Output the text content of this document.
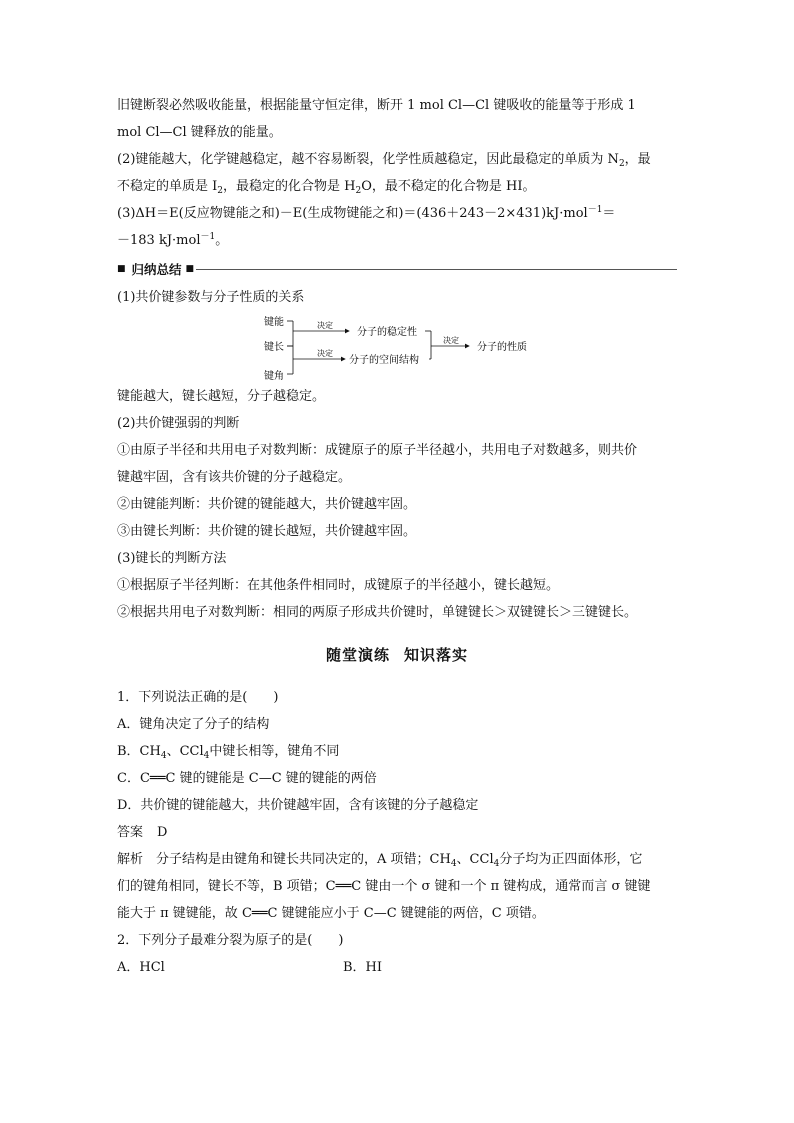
旧键断裂必然吸收能量，根据能量守恒定律，断开 1 mol Cl—Cl 键吸收的能量等于形成 1

mol Cl—Cl 键释放的能量。

(2)键能越大，化学键越稳定，越不容易断裂，化学性质越稳定，因此最稳定的单质为 $N_2$，最

不稳定的单质是 $I_2$，最稳定的化合物是 $H_2O$，最不稳定的化合物是 HI。

(3)ΔH＝E(反应物键能之和)－E(生成物键能之和)＝(436＋243－2×431)kJ·mol$^{-1}$＝

－183 kJ·mol$^{-1}$。

■ 归纳总结 ■

(1)共价键参数与分子性质的关系

键能
键长
键角
决定
决定
分子的稳定性
分子的空间结构
决定
分子的性质

键能越大，键长越短，分子越稳定。

(2)共价键强弱的判断

①由原子半径和共用电子对数判断：成键原子的原子半径越小，共用电子对数越多，则共价

键越牢固，含有该共价键的分子越稳定。

②由键能判断：共价键的键能越大，共价键越牢固。

③由键长判断：共价键的键长越短，共价键越牢固。

(3)键长的判断方法

①根据原子半径判断：在其他条件相同时，成键原子的半径越小，键长越短。

②根据共用电子对数判断：相同的两原子形成共价键时，单键键长＞双键键长＞三键键长。

随堂演练 知识落实

1．下列说法正确的是(　　)

A．键角决定了分子的结构

B．$CH_4$、CCl$_4$中键长相等，键角不同

C．C══C 键的键能是 C—C 键的键能的两倍

D．共价键的键能越大，共价键越牢固，含有该键的分子越稳定

答案 D

解析　分子结构是由键角和键长共同决定的，A 项错；$CH_4$、CCl$_4$分子均为正四面体形，它

们的键角相同，键长不等，B 项错；C══C 键由一个 σ 键和一个 π 键构成，通常而言 σ 键键

能大于 π 键键能，故 C══C 键键能应小于 C—C 键键能的两倍，C 项错。

2．下列分子最难分裂为原子的是(　　)

A．HCl	B．HI
